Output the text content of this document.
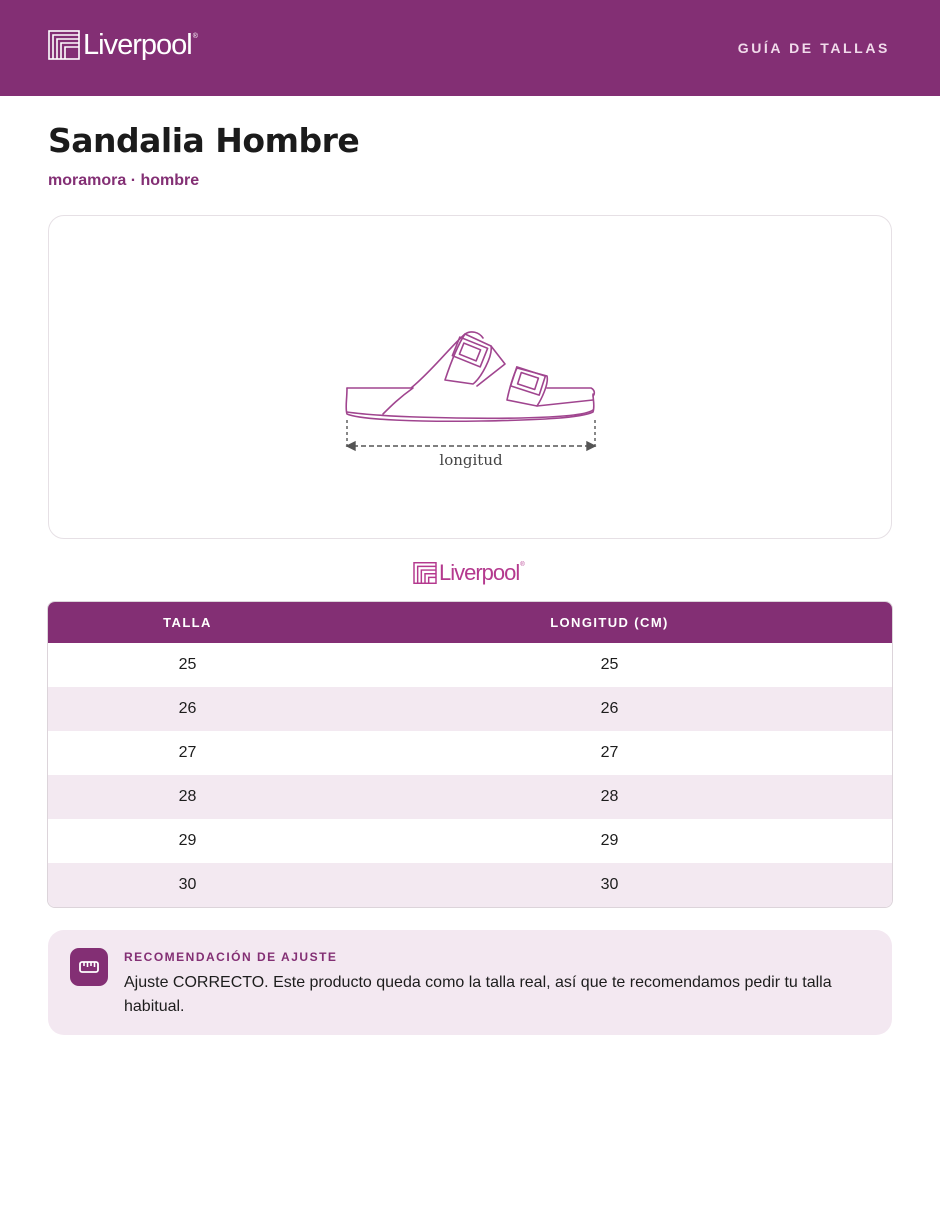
Liverpool ®
GUÍA DE TALLAS
Sandalia Hombre
moramora · hombre
longitud
Liverpool ®
TALLA	LONGITUD (CM)
25	25
26	26
27	27
28	28
29	29
30	30
RECOMENDACIÓN DE AJUSTE
Ajuste CORRECTO. Este producto queda como la talla real, así que te recomendamos pedir tu talla habitual.
